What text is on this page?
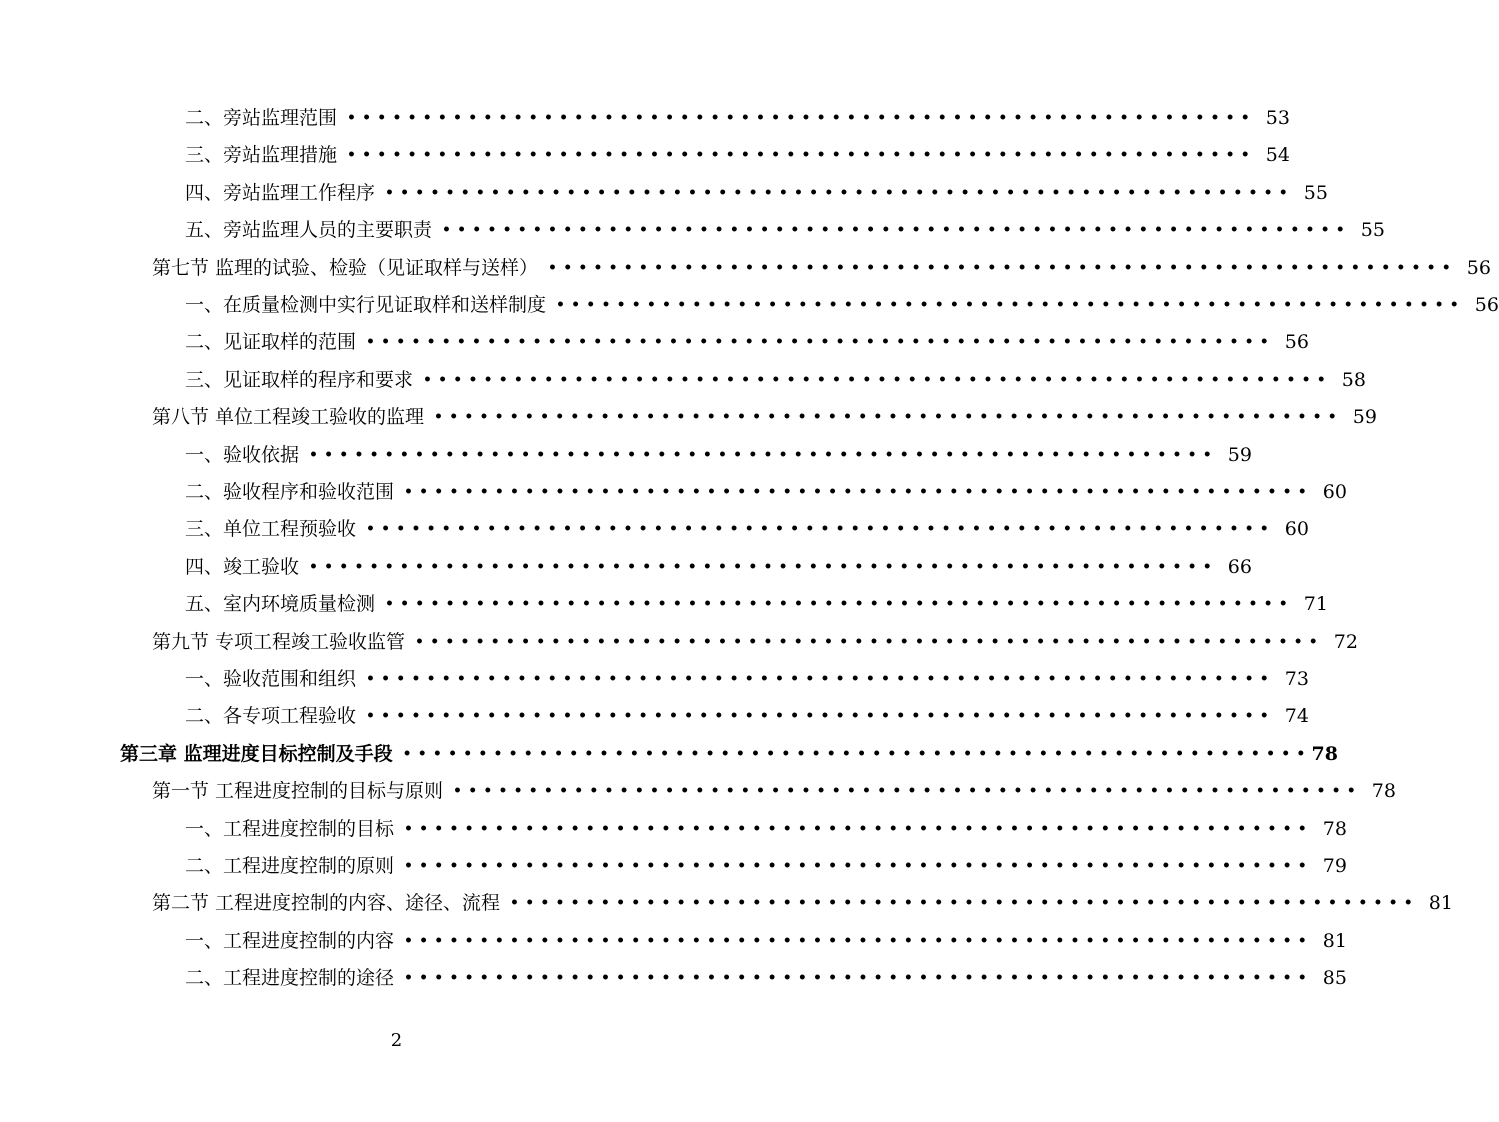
二、旁站监理范围 •••••••••••••••••••••••••••••••••••••••••••••••••••••••••••• 53
三、旁站监理措施 •••••••••••••••••••••••••••••••••••••••••••••••••••••••••••• 54
四、旁站监理工作程序 •••••••••••••••••••••••••••••••••••••••••••••••••••••••••••• 55
五、旁站监理人员的主要职责 •••••••••••••••••••••••••••••••••••••••••••••••••••••••••••• 55
第七节 监理的试验、检验（见证取样与送样） •••••••••••••••••••••••••••••••••••••••••••••••••••••••••••• 56
一、在质量检测中实行见证取样和送样制度 •••••••••••••••••••••••••••••••••••••••••••••••••••••••••••• 56
二、见证取样的范围 •••••••••••••••••••••••••••••••••••••••••••••••••••••••••••• 56
三、见证取样的程序和要求 •••••••••••••••••••••••••••••••••••••••••••••••••••••••••••• 58
第八节 单位工程竣工验收的监理 •••••••••••••••••••••••••••••••••••••••••••••••••••••••••••• 59
一、验收依据 •••••••••••••••••••••••••••••••••••••••••••••••••••••••••••• 59
二、验收程序和验收范围 •••••••••••••••••••••••••••••••••••••••••••••••••••••••••••• 60
三、单位工程预验收 •••••••••••••••••••••••••••••••••••••••••••••••••••••••••••• 60
四、竣工验收 •••••••••••••••••••••••••••••••••••••••••••••••••••••••••••• 66
五、室内环境质量检测 •••••••••••••••••••••••••••••••••••••••••••••••••••••••••••• 71
第九节 专项工程竣工验收监管 •••••••••••••••••••••••••••••••••••••••••••••••••••••••••••• 72
一、验收范围和组织 •••••••••••••••••••••••••••••••••••••••••••••••••••••••••••• 73
二、各专项工程验收 •••••••••••••••••••••••••••••••••••••••••••••••••••••••••••• 74
第三章 监理进度目标控制及手段 •••••••••••••••••••••••••••••••••••••••••••••••••••••••••••• 78
第一节 工程进度控制的目标与原则 •••••••••••••••••••••••••••••••••••••••••••••••••••••••••••• 78
一、工程进度控制的目标 •••••••••••••••••••••••••••••••••••••••••••••••••••••••••••• 78
二、工程进度控制的原则 •••••••••••••••••••••••••••••••••••••••••••••••••••••••••••• 79
第二节 工程进度控制的内容、途径、流程 •••••••••••••••••••••••••••••••••••••••••••••••••••••••••••• 81
一、工程进度控制的内容 •••••••••••••••••••••••••••••••••••••••••••••••••••••••••••• 81
二、工程进度控制的途径 •••••••••••••••••••••••••••••••••••••••••••••••••••••••••••• 85
2
